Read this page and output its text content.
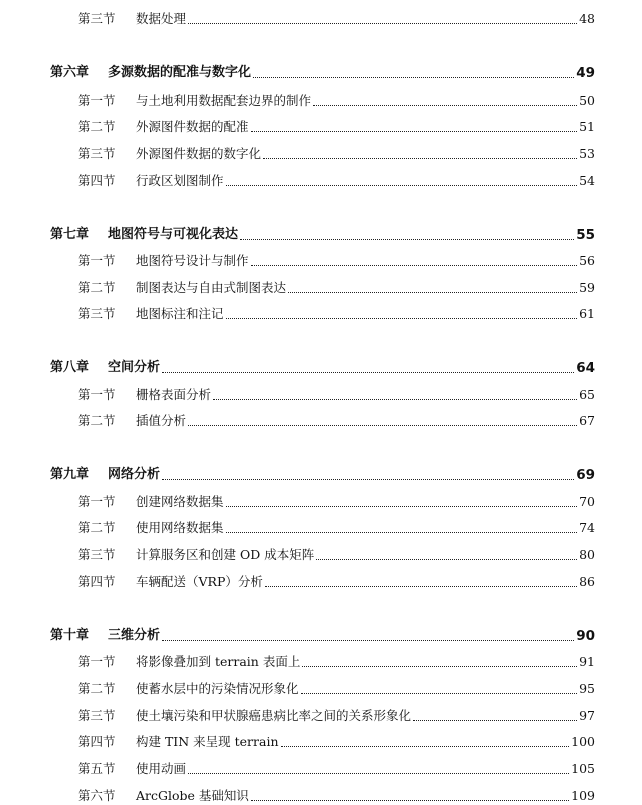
第三节	数据处理	48
第六章	多源数据的配准与数字化	49
第一节	与土地利用数据配套边界的制作	50
第二节	外源图件数据的配准	51
第三节	外源图件数据的数字化	53
第四节	行政区划图制作	54
第七章	地图符号与可视化表达	55
第一节	地图符号设计与制作	56
第二节	制图表达与自由式制图表达	59
第三节	地图标注和注记	61
第八章	空间分析	64
第一节	栅格表面分析	65
第二节	插值分析	67
第九章	网络分析	69
第一节	创建网络数据集	70
第二节	使用网络数据集	74
第三节	计算服务区和创建 OD 成本矩阵	80
第四节	车辆配送（VRP）分析	86
第十章	三维分析	90
第一节	将影像叠加到 terrain 表面上	91
第二节	使蓄水层中的污染情况形象化	95
第三节	使土壤污染和甲状腺癌患病比率之间的关系形象化	97
第四节	构建 TIN 来呈现 terrain	100
第五节	使用动画	105
第六节	ArcGlobe 基础知识	109
